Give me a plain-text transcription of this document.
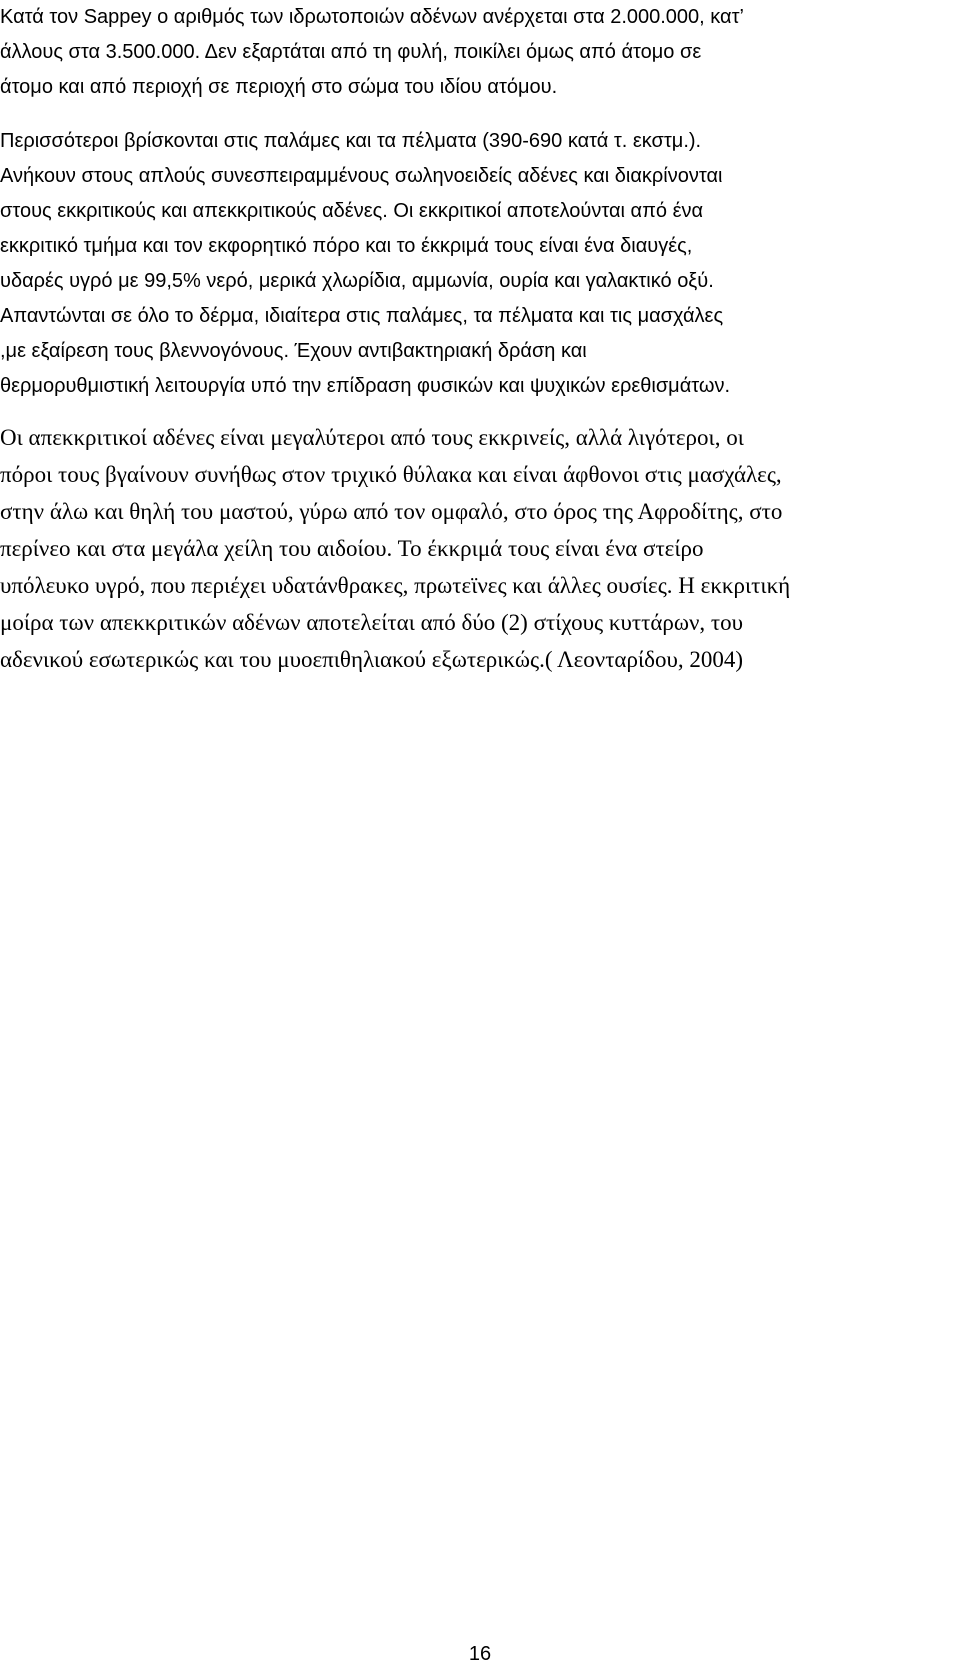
Κατά τον Sappey ο αριθμός των ιδρωτοποιών αδένων ανέρχεται στα 2.000.000, κατ’

άλλους στα 3.500.000. Δεν εξαρτάται από τη φυλή, ποικίλει όμως από άτομο σε

άτομο και από περιοχή σε περιοχή στο σώμα του ιδίου ατόμου.

Περισσότεροι βρίσκονται στις παλάμες και τα πέλματα (390-690 κατά τ. εκστμ.).

Ανήκουν στους απλούς συνεσπειραμμένους σωληνοειδείς αδένες και διακρίνονται

στους εκκριτικούς και απεκκριτικούς αδένες. Οι εκκριτικοί αποτελούνται από ένα

εκκριτικό τμήμα και τον εκφορητικό πόρο και το έκκριμά τους είναι ένα διαυγές,

υδαρές υγρό με 99,5% νερό, μερικά χλωρίδια, αμμωνία, ουρία και γαλακτικό οξύ.

Απαντώνται σε όλο το δέρμα, ιδιαίτερα στις παλάμες, τα πέλματα και τις μασχάλες

,με εξαίρεση τους βλεννογόνους. Έχουν αντιβακτηριακή δράση και

θερμορυθμιστική λειτουργία υπό την επίδραση φυσικών και ψυχικών ερεθισμάτων.

Οι απεκκριτικοί αδένες είναι μεγαλύτεροι από τους εκκρινείς, αλλά λιγότεροι, οι

πόροι τους βγαίνουν συνήθως στον τριχικό θύλακα και είναι άφθονοι στις μασχάλες,

στην άλω και θηλή του μαστού, γύρω από τον ομφαλό, στο όρος της Αφροδίτης, στο

περίνεο και στα μεγάλα χείλη του αιδοίου. Το έκκριμά τους είναι ένα στείρο

υπόλευκο υγρό, που περιέχει υδατάνθρακες, πρωτεϊνες και άλλες ουσίες. Η εκκριτική

μοίρα των απεκκριτικών αδένων αποτελείται από δύο (2) στίχους κυττάρων, του

αδενικού εσωτερικώς και του μυοεπιθηλιακού εξωτερικώς.( Λεονταρίδου, 2004)

16
